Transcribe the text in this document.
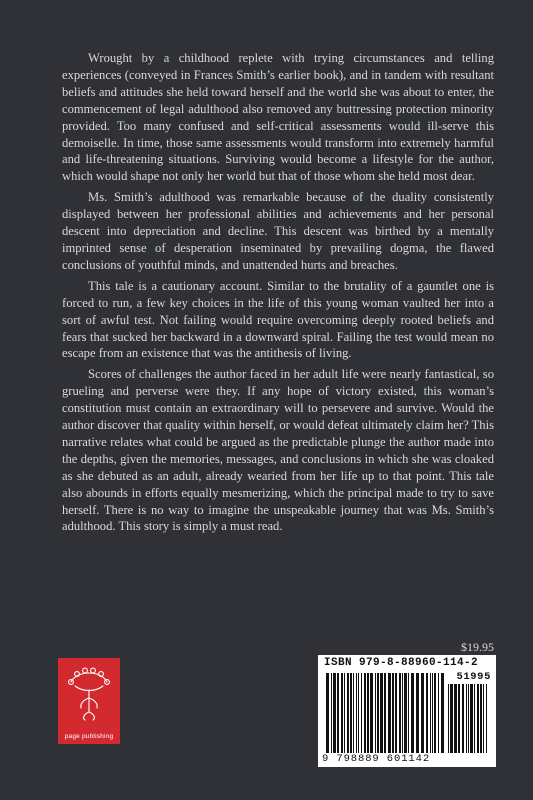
Wrought by a childhood replete with trying circumstances and telling experiences (conveyed in Frances Smith’s earlier book), and in tandem with resultant beliefs and attitudes she held toward herself and the world she was about to enter, the commencement of legal adulthood also removed any buttressing protection minority provided. Too many confused and self-critical assessments would ill-serve this demoiselle. In time, those same assessments would transform into extremely harmful and life-threatening situations. Surviving would become a lifestyle for the author, which would shape not only her world but that of those whom she held most dear.

Ms. Smith’s adulthood was remarkable because of the duality consistently displayed between her professional abilities and achievements and her personal descent into depreciation and decline. This descent was birthed by a mentally imprinted sense of desperation inseminated by prevailing dogma, the flawed conclusions of youthful minds, and unattended hurts and breaches.

This tale is a cautionary account. Similar to the brutality of a gauntlet one is forced to run, a few key choices in the life of this young woman vaulted her into a sort of awful test. Not failing would require overcoming deeply rooted beliefs and fears that sucked her backward in a downward spiral. Failing the test would mean no escape from an existence that was the antithesis of living.

Scores of challenges the author faced in her adult life were nearly fantastical, so grueling and perverse were they. If any hope of victory existed, this woman’s constitution must contain an extraordinary will to persevere and survive. Would the author discover that quality within herself, or would defeat ultimately claim her? This narrative relates what could be argued as the predictable plunge the author made into the depths, given the memories, messages, and conclusions in which she was cloaked as she debuted as an adult, already wearied from her life up to that point. This tale also abounds in efforts equally mesmerizing, which the principal made to try to save herself. There is no way to imagine the unspeakable journey that was Ms. Smith’s adulthood. This story is simply a must read.

$19.95
page publishing
ISBN 979-8-88960-114-2
51995
9 798889 601142
